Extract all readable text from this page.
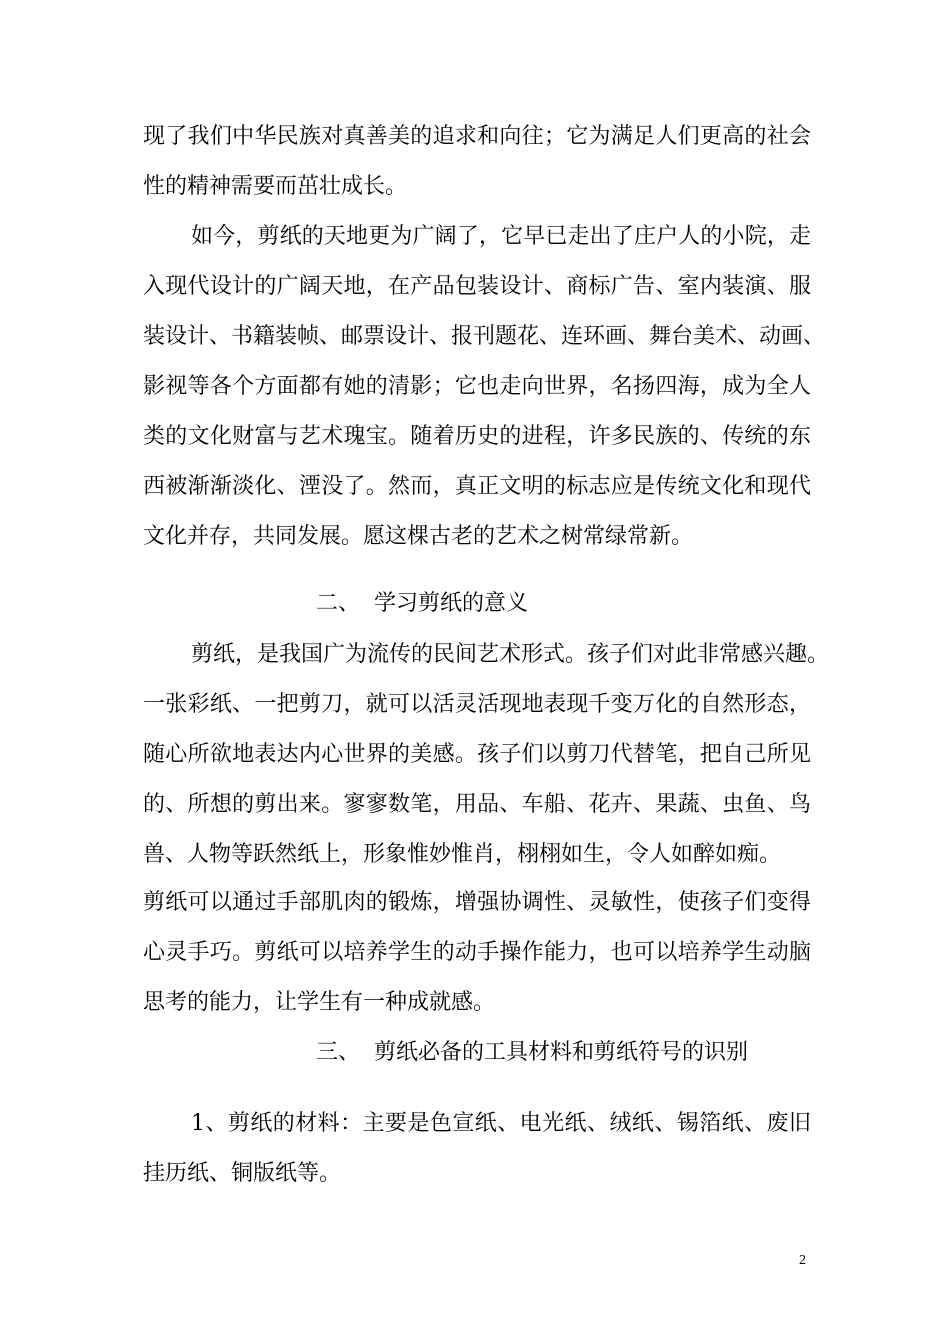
现了我们中华民族对真善美的追求和向往；它为满足人们更高的社会
性的精神需要而茁壮成长。
如今，剪纸的天地更为广阔了，它早已走出了庄户人的小院，走
入现代设计的广阔天地，在产品包装设计、商标广告、室内装演、服
装设计、书籍装帧、邮票设计、报刊题花、连环画、舞台美术、动画、
影视等各个方面都有她的清影；它也走向世界，名扬四海，成为全人
类的文化财富与艺术瑰宝。随着历史的进程，许多民族的、传统的东
西被渐渐淡化、湮没了。然而，真正文明的标志应是传统文化和现代
文化并存，共同发展。愿这棵古老的艺术之树常绿常新。
二、 学习剪纸的意义
剪纸，是我国广为流传的民间艺术形式。孩子们对此非常感兴趣。
一张彩纸、一把剪刀，就可以活灵活现地表现千变万化的自然形态，
随心所欲地表达内心世界的美感。孩子们以剪刀代替笔，把自己所见
的、所想的剪出来。寥寥数笔，用品、车船、花卉、果蔬、虫鱼、鸟
兽、人物等跃然纸上，形象惟妙惟肖，栩栩如生，令人如醉如痴。
剪纸可以通过手部肌肉的锻炼，增强协调性、灵敏性，使孩子们变得
心灵手巧。剪纸可以培养学生的动手操作能力，也可以培养学生动脑
思考的能力，让学生有一种成就感。
三、 剪纸必备的工具材料和剪纸符号的识别
1、剪纸的材料：主要是色宣纸、电光纸、绒纸、锡箔纸、废旧
挂历纸、铜版纸等。
2
